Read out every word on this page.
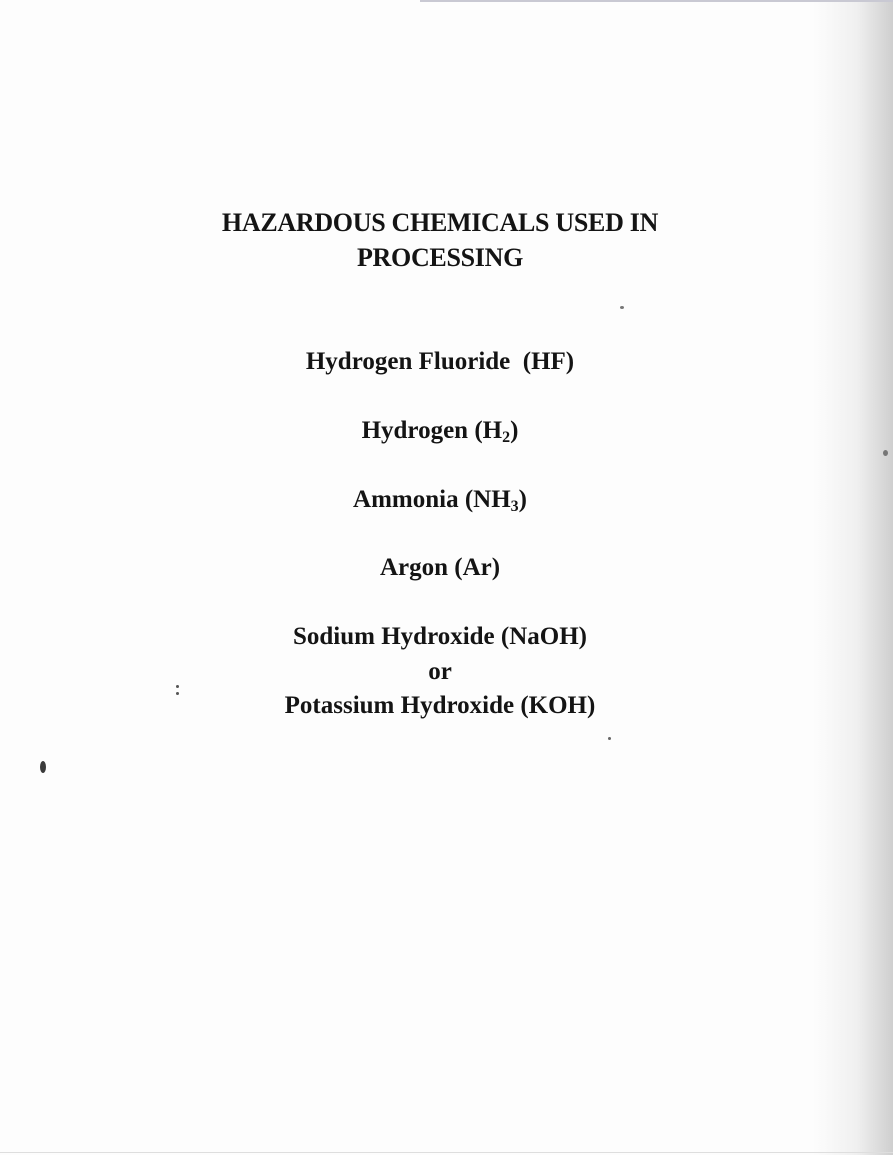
HAZARDOUS CHEMICALS USED IN
PROCESSING
Hydrogen Fluoride  (HF)
Hydrogen $(H_2)$
Ammonia $(NH_3)$
Argon (Ar)
Sodium Hydroxide (NaOH)
or
Potassium Hydroxide (KOH)
